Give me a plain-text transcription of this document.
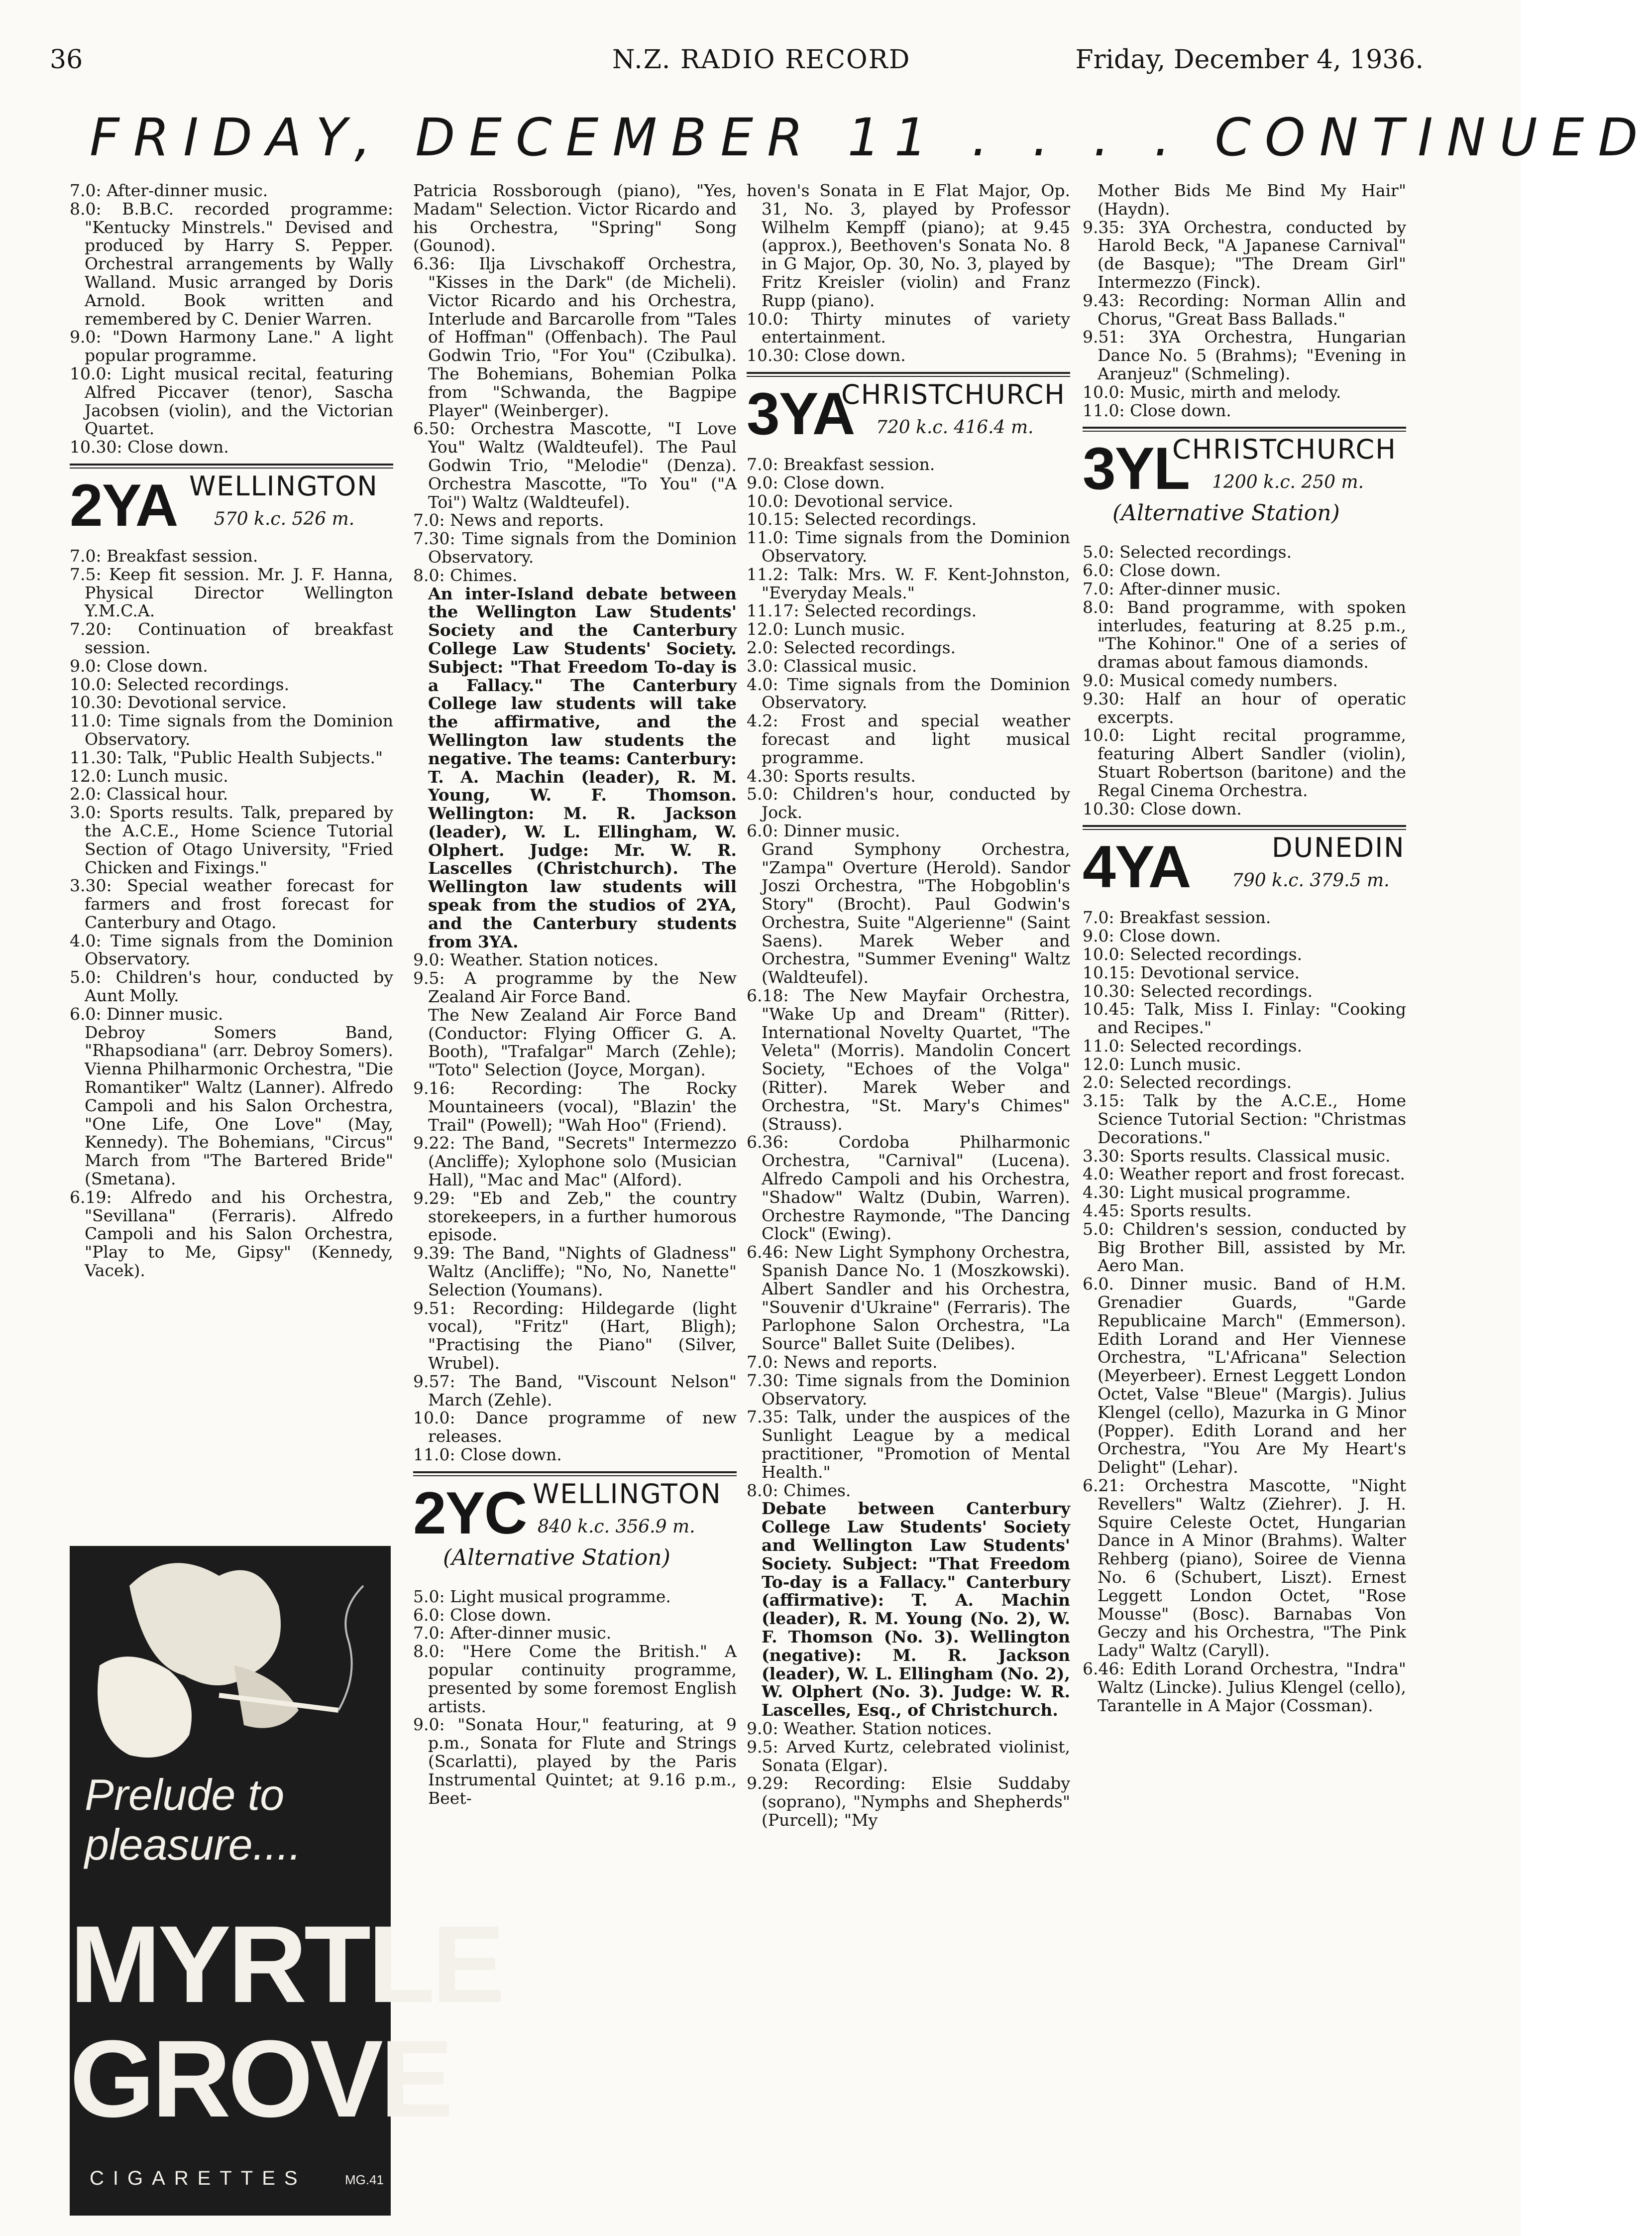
36	N.Z. RADIO RECORD	Friday, December 4, 1936.
FRIDAY, DECEMBER 11 . . . . CONTINUED

7.0: After-dinner music.

8.0: B.B.C. recorded programme: "Kentucky Minstrels." Devised and produced by Harry S. Pepper. Orchestral arrangements by Wally Walland. Music arranged by Doris Arnold. Book written and remembered by C. Denier Warren.

9.0: "Down Harmony Lane." A light popular programme.

10.0: Light musical recital, featuring Alfred Piccaver (tenor), Sascha Jacobsen (violin), and the Victorian Quartet.

10.30: Close down.

2YA WELLINGTON
570 k.c. 526 m.

7.0: Breakfast session.

7.5: Keep fit session. Mr. J. F. Hanna, Physical Director Wellington Y.M.C.A.

7.20: Continuation of breakfast session.

9.0: Close down.

10.0: Selected recordings.

10.30: Devotional service.

11.0: Time signals from the Dominion Observatory.

11.30: Talk, "Public Health Subjects."

12.0: Lunch music.

2.0: Classical hour.

3.0: Sports results. Talk, prepared by the A.C.E., Home Science Tutorial Section of Otago University, "Fried Chicken and Fixings."

3.30: Special weather forecast for farmers and frost forecast for Canterbury and Otago.

4.0: Time signals from the Dominion Observatory.

5.0: Children's hour, conducted by Aunt Molly.

6.0: Dinner music.

Debroy Somers Band, "Rhapsodiana" (arr. Debroy Somers). Vienna Philharmonic Orchestra, "Die Romantiker" Waltz (Lanner). Alfredo Campoli and his Salon Orchestra, "One Life, One Love" (May, Kennedy). The Bohemians, "Circus" March from "The Bartered Bride" (Smetana).

6.19: Alfredo and his Orchestra, "Sevillana" (Ferraris). Alfredo Campoli and his Salon Orchestra, "Play to Me, Gipsy" (Kennedy, Vacek).

Prelude to pleasure....
MYRTLE
GROVE
CIGARETTES	MG.41

Patricia Rossborough (piano), "Yes, Madam" Selection. Victor Ricardo and his Orchestra, "Spring" Song (Gounod).

6.36: Ilja Livschakoff Orchestra, "Kisses in the Dark" (de Micheli). Victor Ricardo and his Orchestra, Interlude and Barcarolle from "Tales of Hoffman" (Offenbach). The Paul Godwin Trio, "For You" (Czibulka). The Bohemians, Bohemian Polka from "Schwanda, the Bagpipe Player" (Weinberger).

6.50: Orchestra Mascotte, "I Love You" Waltz (Waldteufel). The Paul Godwin Trio, "Melodie" (Denza). Orchestra Mascotte, "To You" ("A Toi") Waltz (Waldteufel).

7.0: News and reports.

7.30: Time signals from the Dominion Observatory.

8.0: Chimes.

An inter-Island debate between the Wellington Law Students' Society and the Canterbury College Law Students' Society. Subject: "That Freedom To-day is a Fallacy." The Canterbury College law students will take the affirmative, and the Wellington law students the negative. The teams: Canterbury: T. A. Machin (leader), R. M. Young, W. F. Thomson. Wellington: M. R. Jackson (leader), W. L. Ellingham, W. Olphert. Judge: Mr. W. R. Lascelles (Christchurch). The Wellington law students will speak from the studios of 2YA, and the Canterbury students from 3YA.

9.0: Weather. Station notices.

9.5: A programme by the New Zealand Air Force Band.

The New Zealand Air Force Band (Conductor: Flying Officer G. A. Booth), "Trafalgar" March (Zehle); "Toto" Selection (Joyce, Morgan).

9.16: Recording: The Rocky Mountaineers (vocal), "Blazin' the Trail" (Powell); "Wah Hoo" (Friend).

9.22: The Band, "Secrets" Intermezzo (Ancliffe); Xylophone solo (Musician Hall), "Mac and Mac" (Alford).

9.29: "Eb and Zeb," the country storekeepers, in a further humorous episode.

9.39: The Band, "Nights of Gladness" Waltz (Ancliffe); "No, No, Nanette" Selection (Youmans).

9.51: Recording: Hildegarde (light vocal), "Fritz" (Hart, Bligh); "Practising the Piano" (Silver, Wrubel).

9.57: The Band, "Viscount Nelson" March (Zehle).

10.0: Dance programme of new releases.

11.0: Close down.

2YC WELLINGTON
840 k.c. 356.9 m.
(Alternative Station)

5.0: Light musical programme.

6.0: Close down.

7.0: After-dinner music.

8.0: "Here Come the British." A popular continuity programme, presented by some foremost English artists.

9.0: "Sonata Hour," featuring, at 9 p.m., Sonata for Flute and Strings (Scarlatti), played by the Paris Instrumental Quintet; at 9.16 p.m., Beet-

hoven's Sonata in E Flat Major, Op. 31, No. 3, played by Professor Wilhelm Kempff (piano); at 9.45 (approx.), Beethoven's Sonata No. 8 in G Major, Op. 30, No. 3, played by Fritz Kreisler (violin) and Franz Rupp (piano).

10.0: Thirty minutes of variety entertainment.

10.30: Close down.

3YA
CHRISTCHURCH
720 k.c. 416.4 m.

7.0: Breakfast session.

9.0: Close down.

10.0: Devotional service.

10.15: Selected recordings.

11.0: Time signals from the Dominion Observatory.

11.2: Talk: Mrs. W. F. Kent-Johnston, "Everyday Meals."

11.17: Selected recordings.

12.0: Lunch music.

2.0: Selected recordings.

3.0: Classical music.

4.0: Time signals from the Dominion Observatory.

4.2: Frost and special weather forecast and light musical programme.

4.30: Sports results.

5.0: Children's hour, conducted by Jock.

6.0: Dinner music.

Grand Symphony Orchestra, "Zampa" Overture (Herold). Sandor Joszi Orchestra, "The Hobgoblin's Story" (Brocht). Paul Godwin's Orchestra, Suite "Algerienne" (Saint Saens). Marek Weber and Orchestra, "Summer Evening" Waltz (Waldteufel).

6.18: The New Mayfair Orchestra, "Wake Up and Dream" (Ritter). International Novelty Quartet, "The Veleta" (Morris). Mandolin Concert Society, "Echoes of the Volga" (Ritter). Marek Weber and Orchestra, "St. Mary's Chimes" (Strauss).

6.36: Cordoba Philharmonic Orchestra, "Carnival" (Lucena). Alfredo Campoli and his Orchestra, "Shadow" Waltz (Dubin, Warren). Orchestre Raymonde, "The Dancing Clock" (Ewing).

6.46: New Light Symphony Orchestra, Spanish Dance No. 1 (Moszkowski). Albert Sandler and his Orchestra, "Souvenir d'Ukraine" (Ferraris). The Parlophone Salon Orchestra, "La Source" Ballet Suite (Delibes).

7.0: News and reports.

7.30: Time signals from the Dominion Observatory.

7.35: Talk, under the auspices of the Sunlight League by a medical practitioner, "Promotion of Mental Health."

8.0: Chimes.

Debate between Canterbury College Law Students' Society and Wellington Law Students' Society. Subject: "That Freedom To-day is a Fallacy." Canterbury (affirmative): T. A. Machin (leader), R. M. Young (No. 2), W. F. Thomson (No. 3). Wellington (negative): M. R. Jackson (leader), W. L. Ellingham (No. 2), W. Olphert (No. 3). Judge: W. R. Lascelles, Esq., of Christchurch.

9.0: Weather. Station notices.

9.5: Arved Kurtz, celebrated violinist, Sonata (Elgar).

9.29: Recording: Elsie Suddaby (soprano), "Nymphs and Shepherds" (Purcell); "My

Mother Bids Me Bind My Hair" (Haydn).

9.35: 3YA Orchestra, conducted by Harold Beck, "A Japanese Carnival" (de Basque); "The Dream Girl" Intermezzo (Finck).

9.43: Recording: Norman Allin and Chorus, "Great Bass Ballads."

9.51: 3YA Orchestra, Hungarian Dance No. 5 (Brahms); "Evening in Aranjeuz" (Schmeling).

10.0: Music, mirth and melody.

11.0: Close down.

3YL
CHRISTCHURCH
1200 k.c. 250 m.
(Alternative Station)

5.0: Selected recordings.

6.0: Close down.

7.0: After-dinner music.

8.0: Band programme, with spoken interludes, featuring at 8.25 p.m., "The Kohinor." One of a series of dramas about famous diamonds.

9.0: Musical comedy numbers.

9.30: Half an hour of operatic excerpts.

10.0: Light recital programme, featuring Albert Sandler (violin), Stuart Robertson (baritone) and the Regal Cinema Orchestra.

10.30: Close down.

4YA	DUNEDIN
790 k.c. 379.5 m.

7.0: Breakfast session.

9.0: Close down.

10.0: Selected recordings.

10.15: Devotional service.

10.30: Selected recordings.

10.45: Talk, Miss I. Finlay: "Cooking and Recipes."

11.0: Selected recordings.

12.0: Lunch music.

2.0: Selected recordings.

3.15: Talk by the A.C.E., Home Science Tutorial Section: "Christmas Decorations."

3.30: Sports results. Classical music.

4.0: Weather report and frost forecast.

4.30: Light musical programme.

4.45: Sports results.

5.0: Children's session, conducted by Big Brother Bill, assisted by Mr. Aero Man.

6.0. Dinner music. Band of H.M. Grenadier Guards, "Garde Republicaine March" (Emmerson). Edith Lorand and Her Viennese Orchestra, "L'Africana" Selection (Meyerbeer). Ernest Leggett London Octet, Valse "Bleue" (Margis). Julius Klengel (cello), Mazurka in G Minor (Popper). Edith Lorand and her Orchestra, "You Are My Heart's Delight" (Lehar).

6.21: Orchestra Mascotte, "Night Revellers" Waltz (Ziehrer). J. H. Squire Celeste Octet, Hungarian Dance in A Minor (Brahms). Walter Rehberg (piano), Soiree de Vienna No. 6 (Schubert, Liszt). Ernest Leggett London Octet, "Rose Mousse" (Bosc). Barnabas Von Geczy and his Orchestra, "The Pink Lady" Waltz (Caryll).

6.46: Edith Lorand Orchestra, "Indra" Waltz (Lincke). Julius Klengel (cello), Tarantelle in A Major (Cossman).
